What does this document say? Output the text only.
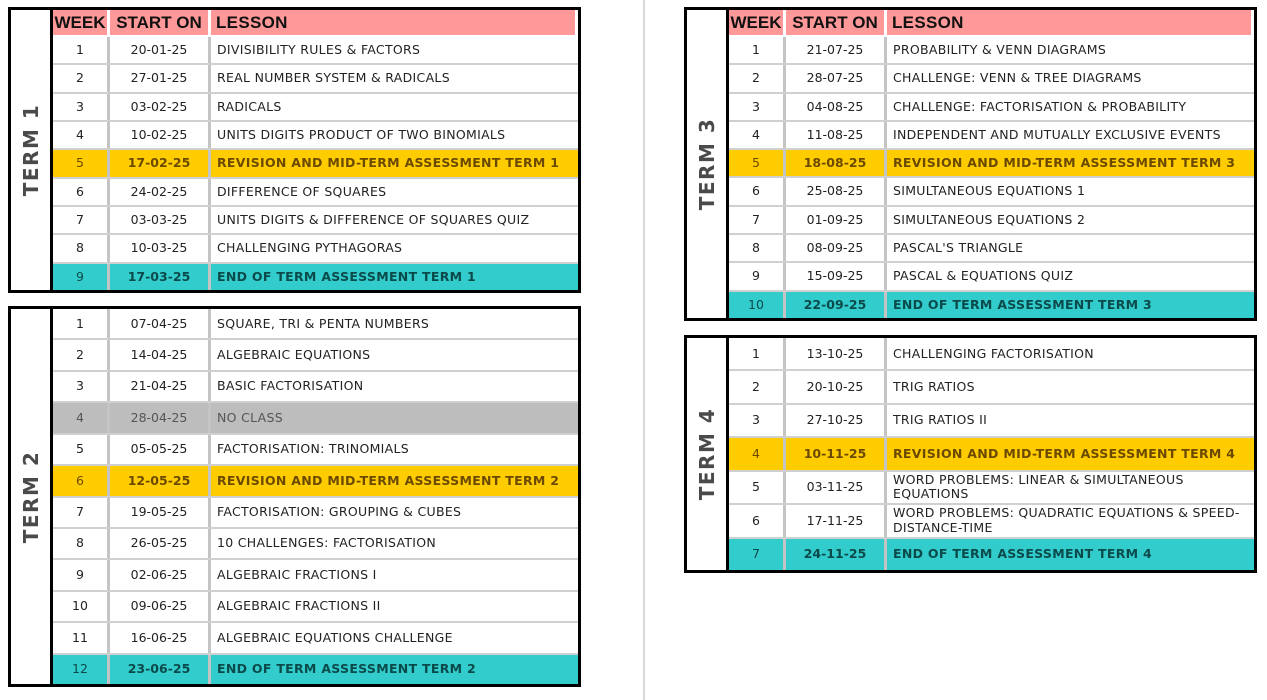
TERM 1
WEEK START ON LESSON
1	20-01-25	DIVISIBILITY RULES & FACTORS
2	27-01-25	REAL NUMBER SYSTEM & RADICALS
3	03-02-25	RADICALS
4	10-02-25	UNITS DIGITS PRODUCT OF TWO BINOMIALS
5	17-02-25	REVISION AND MID-TERM ASSESSMENT TERM 1
6	24-02-25	DIFFERENCE OF SQUARES
7	03-03-25	UNITS DIGITS & DIFFERENCE OF SQUARES QUIZ
8	10-03-25	CHALLENGING PYTHAGORAS
9	17-03-25	END OF TERM ASSESSMENT TERM 1
TERM 2
1	07-04-25	SQUARE, TRI & PENTA NUMBERS
2	14-04-25	ALGEBRAIC EQUATIONS
3	21-04-25	BASIC FACTORISATION
4	28-04-25	NO CLASS
5	05-05-25	FACTORISATION: TRINOMIALS
6	12-05-25	REVISION AND MID-TERM ASSESSMENT TERM 2
7	19-05-25	FACTORISATION: GROUPING & CUBES
8	26-05-25	10 CHALLENGES: FACTORISATION
9	02-06-25	ALGEBRAIC FRACTIONS I
10	09-06-25	ALGEBRAIC FRACTIONS II
11	16-06-25	ALGEBRAIC EQUATIONS CHALLENGE
12	23-06-25	END OF TERM ASSESSMENT TERM 2
TERM 3
WEEK START ON LESSON
1	21-07-25	PROBABILITY & VENN DIAGRAMS
2	28-07-25	CHALLENGE: VENN & TREE DIAGRAMS
3	04-08-25	CHALLENGE: FACTORISATION & PROBABILITY
4	11-08-25	INDEPENDENT AND MUTUALLY EXCLUSIVE EVENTS
5	18-08-25	REVISION AND MID-TERM ASSESSMENT TERM 3
6	25-08-25	SIMULTANEOUS EQUATIONS 1
7	01-09-25	SIMULTANEOUS EQUATIONS 2
8	08-09-25	PASCAL'S TRIANGLE
9	15-09-25	PASCAL & EQUATIONS QUIZ
10	22-09-25	END OF TERM ASSESSMENT TERM 3
TERM 4
1	13-10-25	CHALLENGING FACTORISATION
2	20-10-25	TRIG RATIOS
3	27-10-25	TRIG RATIOS II
4	10-11-25	REVISION AND MID-TERM ASSESSMENT TERM 4
5	03-11-25	WORD PROBLEMS: LINEAR & SIMULTANEOUS EQUATIONS
6	17-11-25	WORD PROBLEMS: QUADRATIC EQUATIONS & SPEED-DISTANCE-TIME
7	24-11-25	END OF TERM ASSESSMENT TERM 4
